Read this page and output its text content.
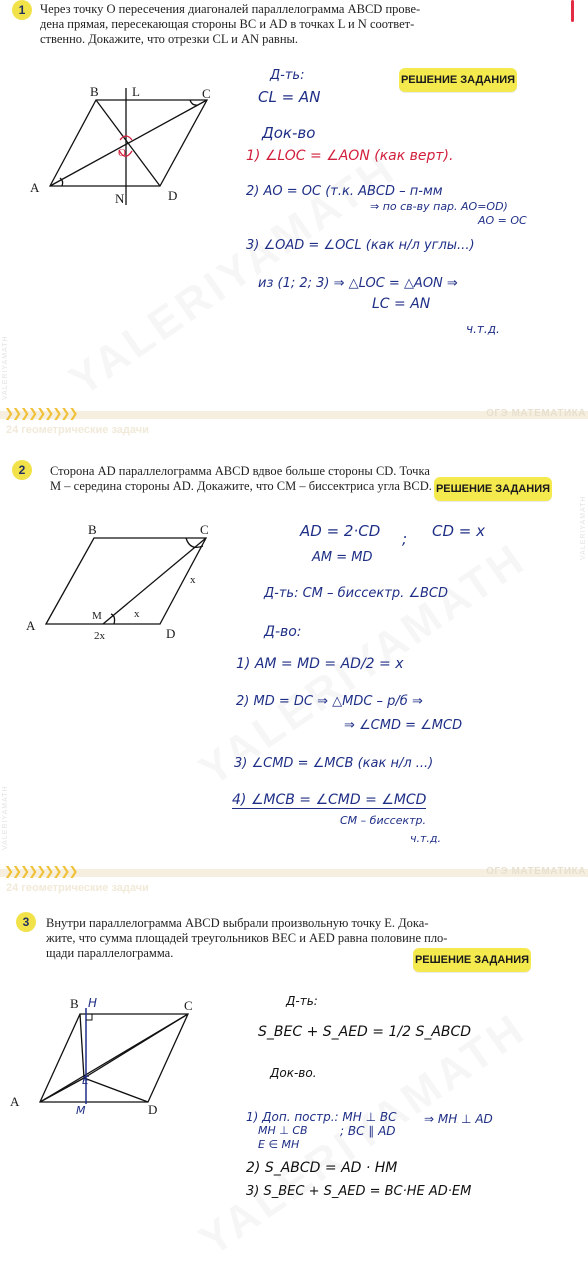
VALERIYAMATH
VALERIYAMATH
VALERIYAMATH
1	Через точку O пересечения диагоналей параллелограмма ABCD прове-
дена прямая, пересекающая стороны BC и AD в точках L и N соответ-
ственно. Докажите, что отрезки CL и AN равны.
РЕШЕНИЕ ЗАДАНИЯ
B	L	C
A
N	D
O
Д-ть:
CL = AN
Док-во
1) ∠LOC = ∠AON (как верт).
2) AO = OC (т.к. ABCD – п-мм
⇒ по св-ву пар. AO=OD)
AO = OC
3) ∠OAD = ∠OCL (как н/л углы...)
из (1; 2; 3) ⇒ △LOC = △AON ⇒
LC = AN
ч.т.д.
❯❯❯❯❯❯❯❯❯	ОГЭ МАТЕМАТИКА
24 геометрические задачи
2	Сторона AD параллелограмма ABCD вдвое больше стороны CD. Точка
M – середина стороны AD. Докажите, что CM – биссектриса угла BCD. РЕШЕНИЕ ЗАДАНИЯ
B	C
A
M
D
x
x
2x
AD = 2·CD ; CD = x
AM = MD
Д-ть: CM – биссектр. ∠BCD
Д-во:
1) AM = MD = AD/2 = x
2) MD = DC ⇒ △MDC – р/б ⇒
⇒ ∠CMD = ∠MCD
3) ∠CMD = ∠MCB (как н/л ...)
4) ∠MCB = ∠CMD = ∠MCD
CM – биссектр.
ч.т.д.
❯❯❯❯❯❯❯❯❯	ОГЭ МАТЕМАТИКА
24 геометрические задачи
3	Внутри параллелограмма ABCD выбрали произвольную точку E. Дока-
жите, что сумма площадей треугольников BEC и AED равна половине пло-
щади параллелограмма.	РЕШЕНИЕ ЗАДАНИЯ
B H	C
A
E
M	D
Д-ть:
S_BEC + S_AED = 1/2 S_ABCD
Док-во.
1) Доп. постр.: MH ⊥ BC
MH ⊥ CB
E ∈ MH
; BC ∥ AD
⇒ MH ⊥ AD
2) S_ABCD = AD · HM
3) S_BEC + S_AED = BC·HE AD·EM
